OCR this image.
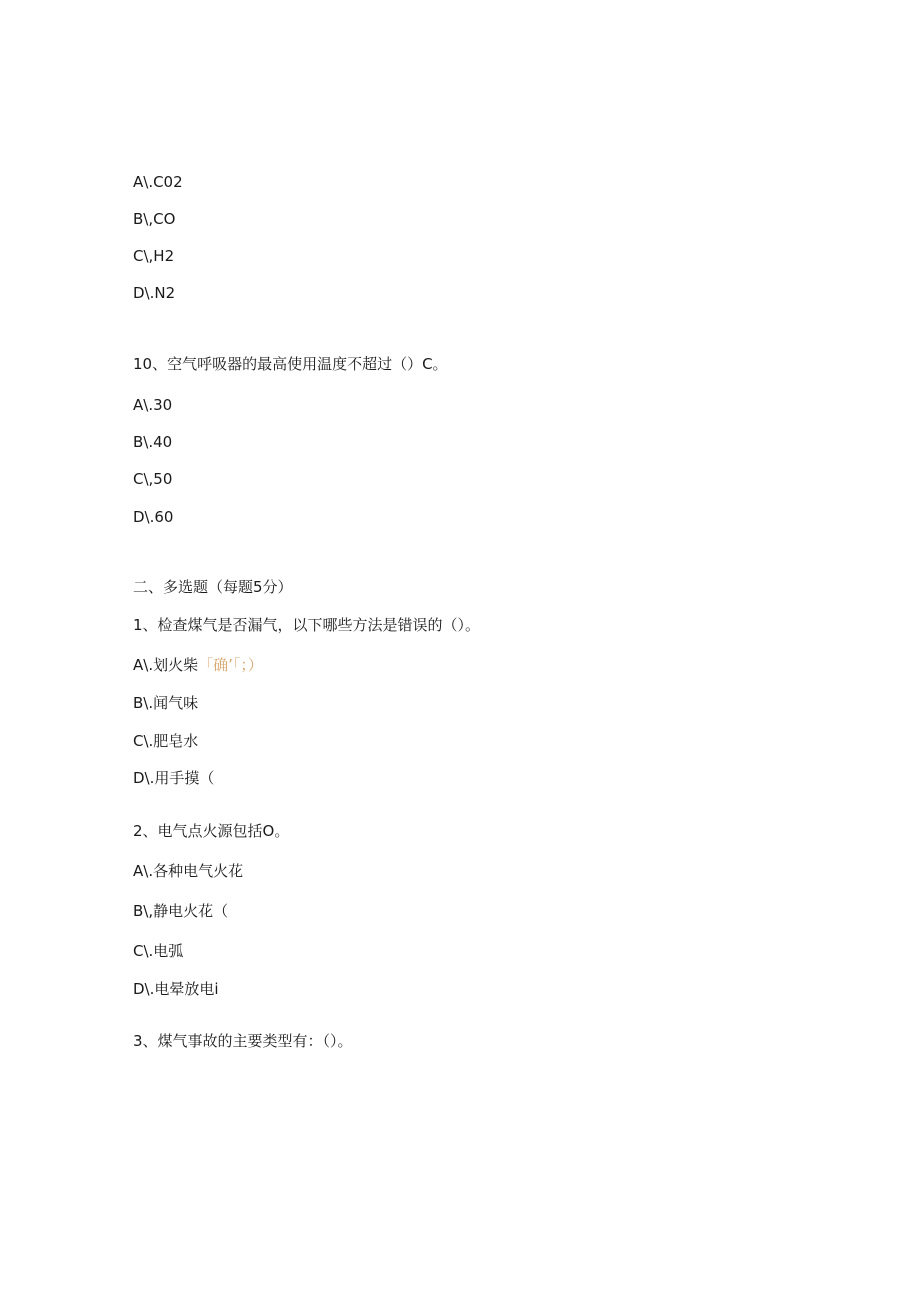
A\.C02
B\,CO
C\,H2
D\.N2
10、空气呼吸器的最高使用温度不超过（）C。
A\.30
B\.40
C\,50
D\.60
二、多选题（每题5分）
1、检查煤气是否漏气，以下哪些方法是错误的（）。
A\.划火柴「确’「；）
B\.闻气味
C\.肥皂水
D\.用手摸（
2、电气点火源包括O。
A\.各种电气火花
B\,静电火花（
C\.电弧
D\.电晕放电i
3、煤气事故的主要类型有：（）。
